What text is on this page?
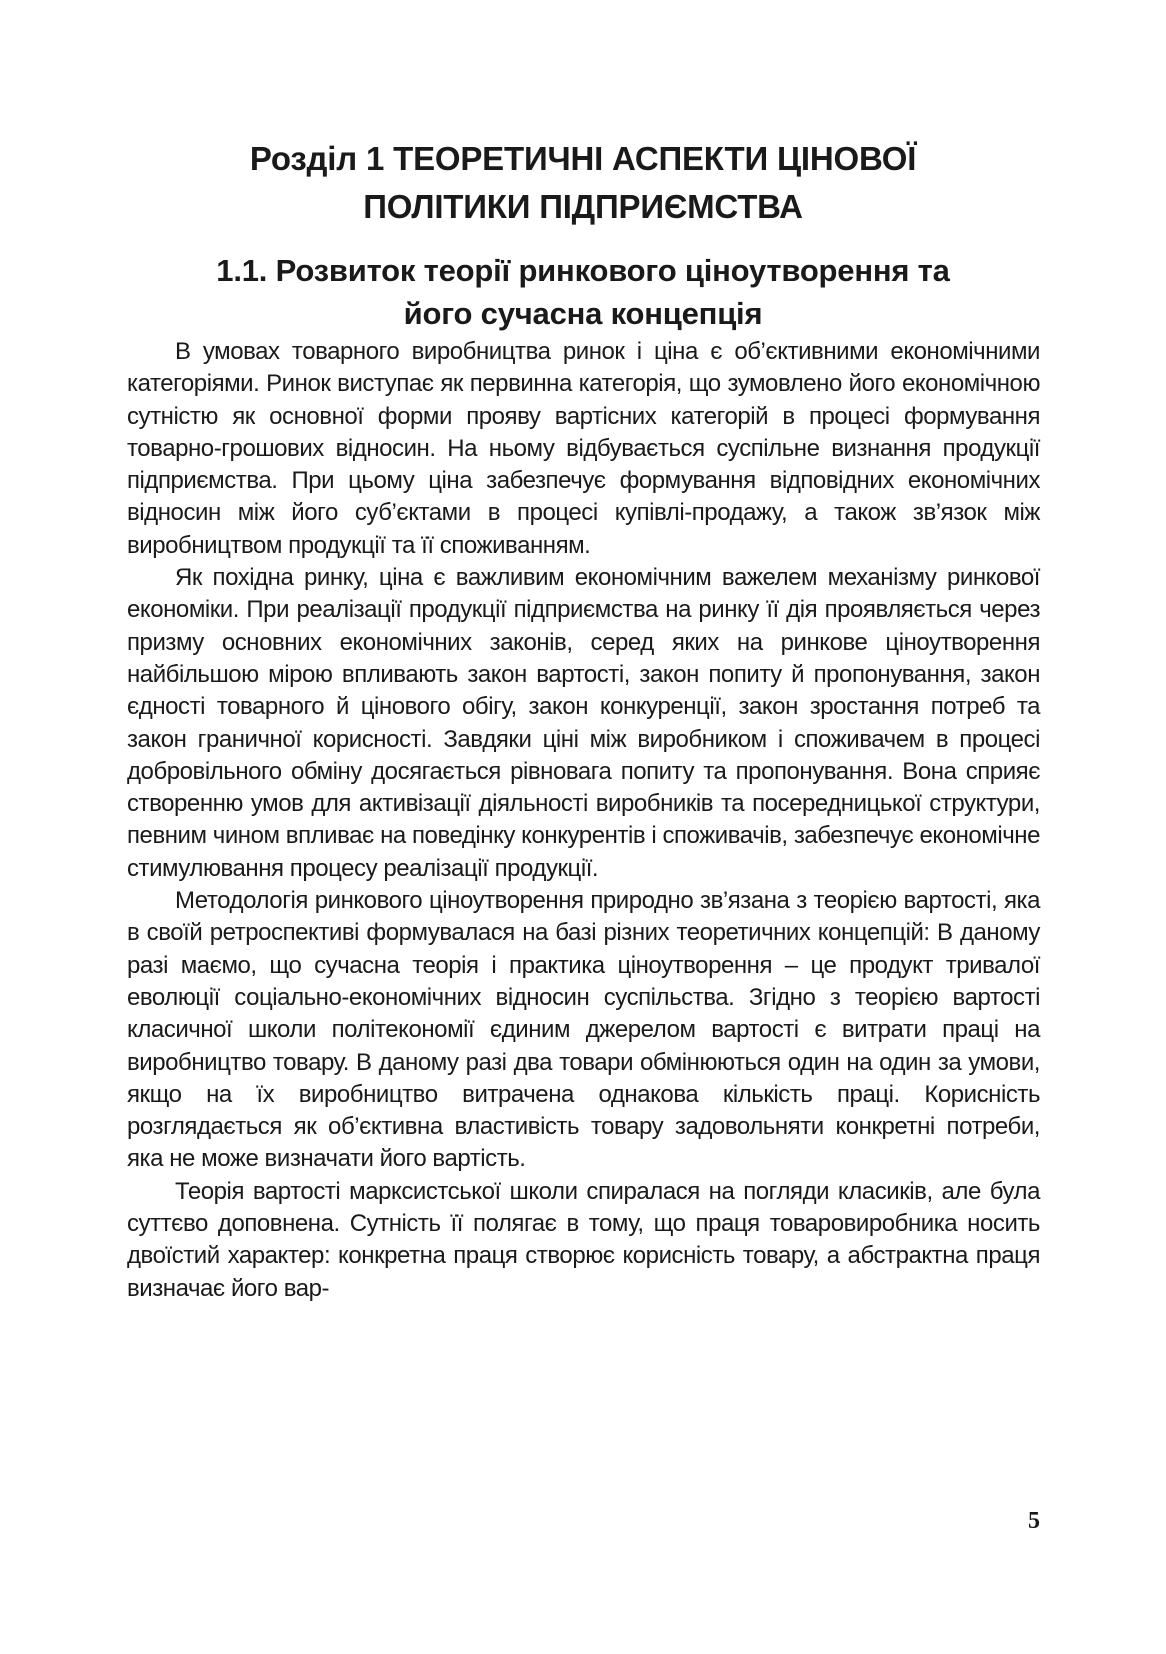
Розділ 1 ТЕОРЕТИЧНІ АСПЕКТИ ЦІНОВОЇ
ПОЛІТИКИ ПІДПРИЄМСТВА
1.1. Розвиток теорії ринкового ціноутворення та
його сучасна концепція

В умовах товарного виробництва ринок і ціна є об’єктивними економічними категоріями. Ринок виступає як первинна категорія, що зумовлено його економічною сутністю як основної форми прояву вартісних категорій в процесі формування товарно-грошових відносин. На ньому відбувається суспільне визнання продукції підприємства. При цьому ціна забезпечує формування відповідних економічних відносин між його суб’єктами в процесі купівлі-продажу, а також зв’язок між виробництвом продукції та її споживанням.

Як похідна ринку, ціна є важливим економічним важелем механізму ринкової економіки. При реалізації продукції підприємства на ринку її дія проявляється через призму основних економічних законів, серед яких на ринкове ціноутворення найбільшою мірою впливають закон вартості, закон попиту й пропонування, закон єдності товарного й цінового обігу, закон конкуренції, закон зростання потреб та закон граничної корисності. Завдяки ціні між виробником і споживачем в процесі добровільного обміну досягається рівновага попиту та пропонування. Вона сприяє створенню умов для активізації діяльності виробників та посередницької структури, певним чином впливає на поведінку конкурентів і споживачів, забезпечує економічне стимулювання процесу реалізації продукції.

Методологія ринкового ціноутворення природно зв’язана з теорією вартості, яка в своїй ретроспективі формувалася на базі різних теоретичних концепцій: В даному разі маємо, що сучасна теорія і практика ціноутворення – це продукт тривалої еволюції соціально-економічних відносин суспільства. Згідно з теорією вартості класичної школи політекономії єдиним джерелом вартості є витрати праці на виробництво товару. В даному разі два товари обмінюються один на один за умови, якщо на їх виробництво витрачена однакова кількість праці. Корисність розглядається як об’єктивна властивість товару задовольняти конкретні потреби, яка не може визначати його вартість.

Теорія вартості марксистської школи спиралася на погляди класиків, але була суттєво доповнена. Сутність її полягає в тому, що праця товаровиробника носить двоїстий характер: конкретна праця створює корисність товару, а абстрактна праця визначає його вар-

5
